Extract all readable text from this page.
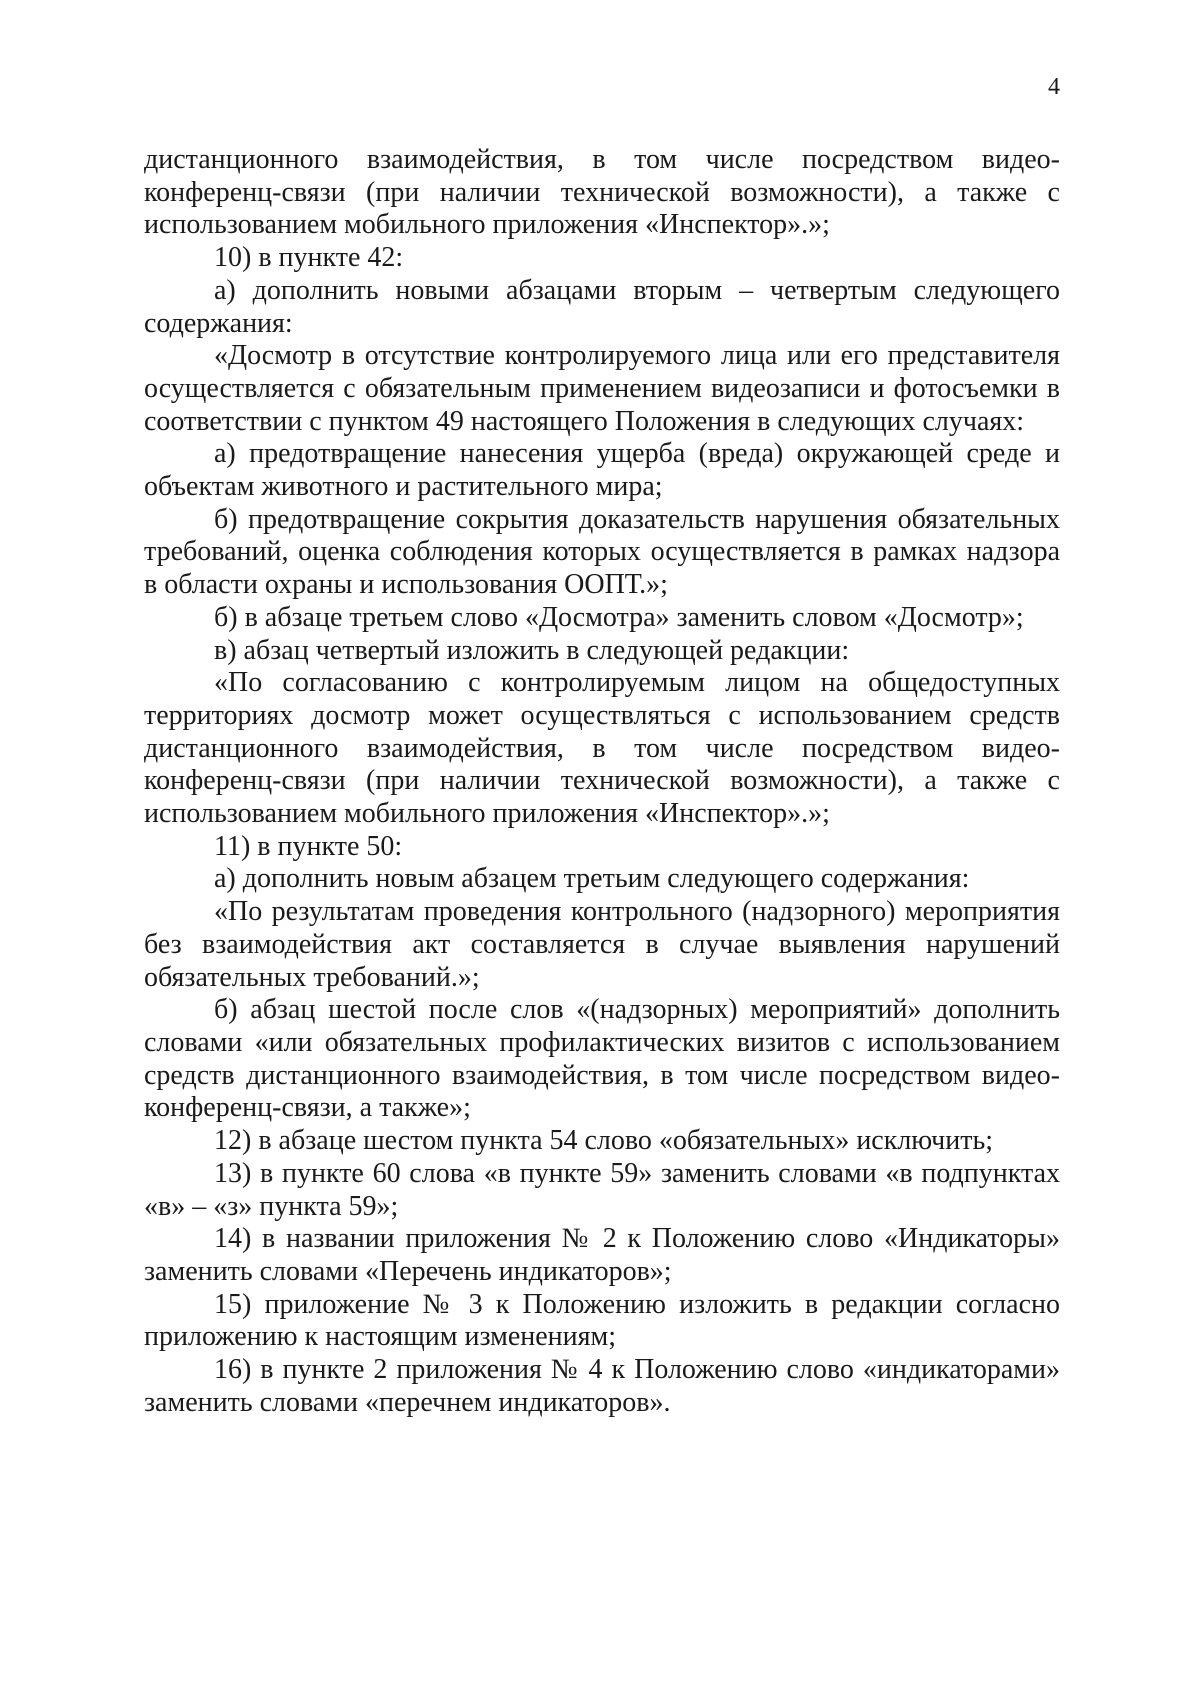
4

дистанционного взаимодействия, в том числе посредством видео-конференц-связи (при наличии технической возможности), а также с использованием мобильного приложения «Инспектор».»;

10) в пункте 42:

а) дополнить новыми абзацами вторым – четвертым следующего содержания:

«Досмотр в отсутствие контролируемого лица или его представителя осуществляется с обязательным применением видеозаписи и фотосъемки в соответствии с пунктом 49 настоящего Положения в следующих случаях:

а) предотвращение нанесения ущерба (вреда) окружающей среде и объектам животного и растительного мира;

б) предотвращение сокрытия доказательств нарушения обязательных требований, оценка соблюдения которых осуществляется в рамках надзора в области охраны и использования ООПТ.»;

б) в абзаце третьем слово «Досмотра» заменить словом «Досмотр»;

в) абзац четвертый изложить в следующей редакции:

«По согласованию с контролируемым лицом на общедоступных территориях досмотр может осуществляться с использованием средств дистанционного взаимодействия, в том числе посредством видео-конференц-связи (при наличии технической возможности), а также с использованием мобильного приложения «Инспектор».»;

11) в пункте 50:

а) дополнить новым абзацем третьим следующего содержания:

«По результатам проведения контрольного (надзорного) мероприятия без взаимодействия акт составляется в случае выявления нарушений обязательных требований.»;

б) абзац шестой после слов «(надзорных) мероприятий» дополнить словами «или обязательных профилактических визитов с использованием средств дистанционного взаимодействия, в том числе посредством видео-конференц-связи, а также»;

12) в абзаце шестом пункта 54 слово «обязательных» исключить;

13) в пункте 60 слова «в пункте 59» заменить словами «в подпунктах «в» – «з» пункта 59»;

14) в названии приложения № 2 к Положению слово «Индикаторы» заменить словами «Перечень индикаторов»;

15) приложение № 3 к Положению изложить в редакции согласно приложению к настоящим изменениям;

16) в пункте 2 приложения № 4 к Положению слово «индикаторами» заменить словами «перечнем индикаторов».
